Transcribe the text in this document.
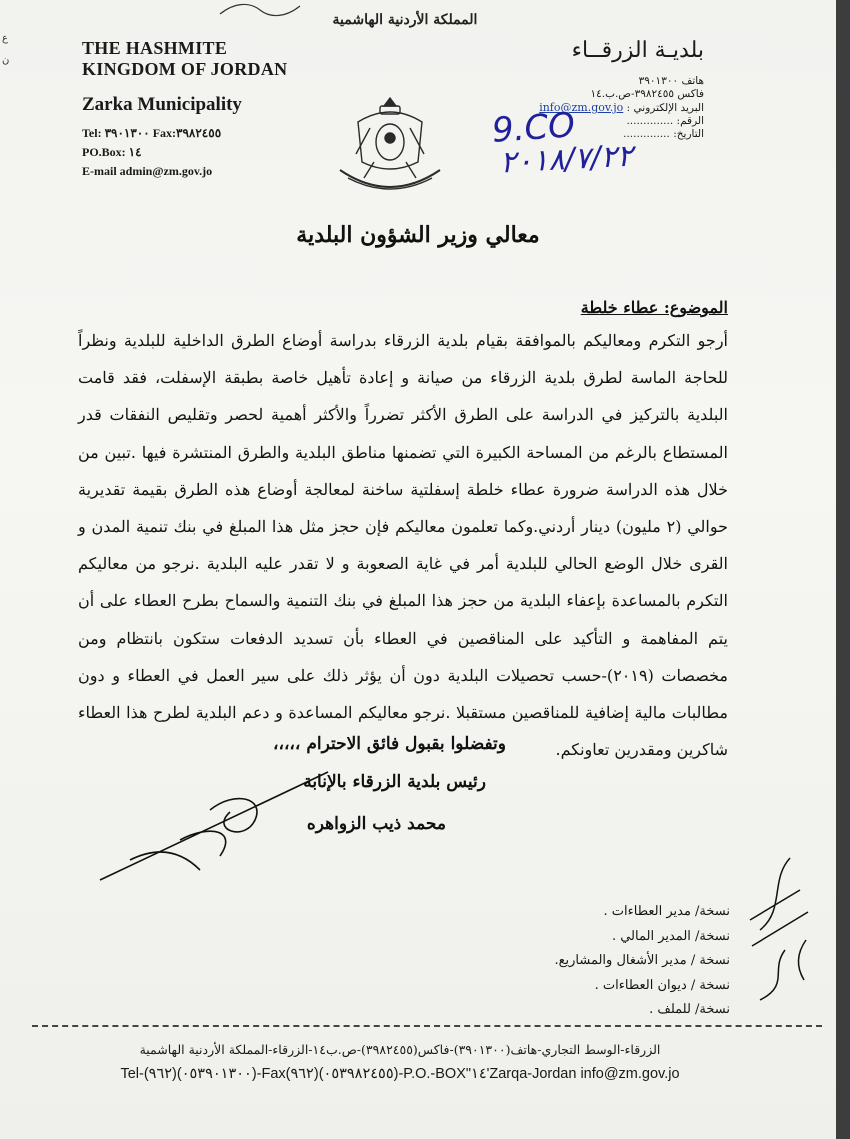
المملكة الأردنية الهاشمية
THE HASHMITE
KINGDOM OF JORDAN
Zarka Municipality
Tel: ٣٩٠١٣٠٠ Fax:٣٩٨٢٤٥٥
PO.Box: ١٤
E-mail admin@zm.gov.jo
بلديـة الزرقــاء
هاتف ٣٩٠١٣٠٠
فاكس ٣٩٨٢٤٥٥-ص.ب.١٤
البريد الإلكتروني : info@zm.gov.jo
الرقم: ..............
التاريخ: ..............
9.CO
٢٠١٨/٧/٢٢
معالي وزير الشؤون البلدية
الموضوع: عطاء خلطة
أرجو التكرم ومعاليكم بالموافقة بقيام بلدية الزرقاء بدراسة أوضاع الطرق الداخلية للبلدية ونظراً للحاجة الماسة لطرق بلدية الزرقاء من صيانة و إعادة تأهيل خاصة بطبقة الإسفلت، فقد قامت البلدية بالتركيز في الدراسة على الطرق الأكثر تضرراً والأكثر أهمية لحصر وتقليص النفقات قدر المستطاع بالرغم من المساحة الكبيرة التي تضمنها مناطق البلدية والطرق المنتشرة فيها .تبين من خلال هذه الدراسة ضرورة عطاء خلطة إسفلتية ساخنة لمعالجة أوضاع هذه الطرق بقيمة تقديرية حوالي (٢ مليون) دينار أردني.وكما تعلمون معاليكم فإن حجز مثل هذا المبلغ في بنك تنمية المدن و القرى خلال الوضع الحالي للبلدية أمر في غاية الصعوبة و لا تقدر عليه البلدية .نرجو من معاليكم التكرم بالمساعدة بإعفاء البلدية من حجز هذا المبلغ في بنك التنمية والسماح بطرح العطاء على أن يتم المفاهمة و التأكيد على المناقصين في العطاء بأن تسديد الدفعات ستكون بانتظام ومن مخصصات (٢٠١٩)-حسب تحصيلات البلدية دون أن يؤثر ذلك على سير العمل في العطاء و دون مطالبات مالية إضافية للمناقصين مستقبلا .نرجو معاليكم المساعدة و دعم البلدية لطرح هذا العطاء شاكرين ومقدرين تعاونكم.
وتفضلوا بقبول فائق الاحترام ،،،،،
رئيس بلدية الزرقاء بالإنابة
محمد ذيب الزواهره
نسخة/ مدير العطاءات .
نسخة/ المدير المالي .
نسخة / مدير الأشغال والمشاريع.
نسخة / ديوان العطاءات .
نسخة/ للملف .
الزرقاء-الوسط التجاري-هاتف(٣٩٠١٣٠٠)-فاكس(٣٩٨٢٤٥٥)-ص.ب١٤-الزرقاء-المملكة الأردنية الهاشمية
Tel-(٩٦٢)(٠٥٣٩٠١٣٠٠)-Fax(٩٦٢)(٠٥٣٩٨٢٤٥٥)-P.O.-BOX"١٤'Zarqa-Jordan info@zm.gov.jo
ع
ن
